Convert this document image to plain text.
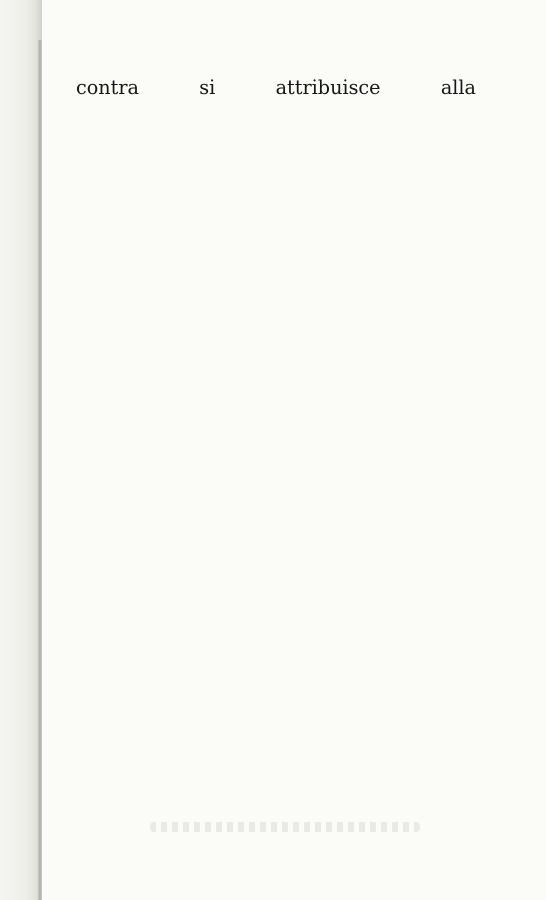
contra si attribuisce alla
